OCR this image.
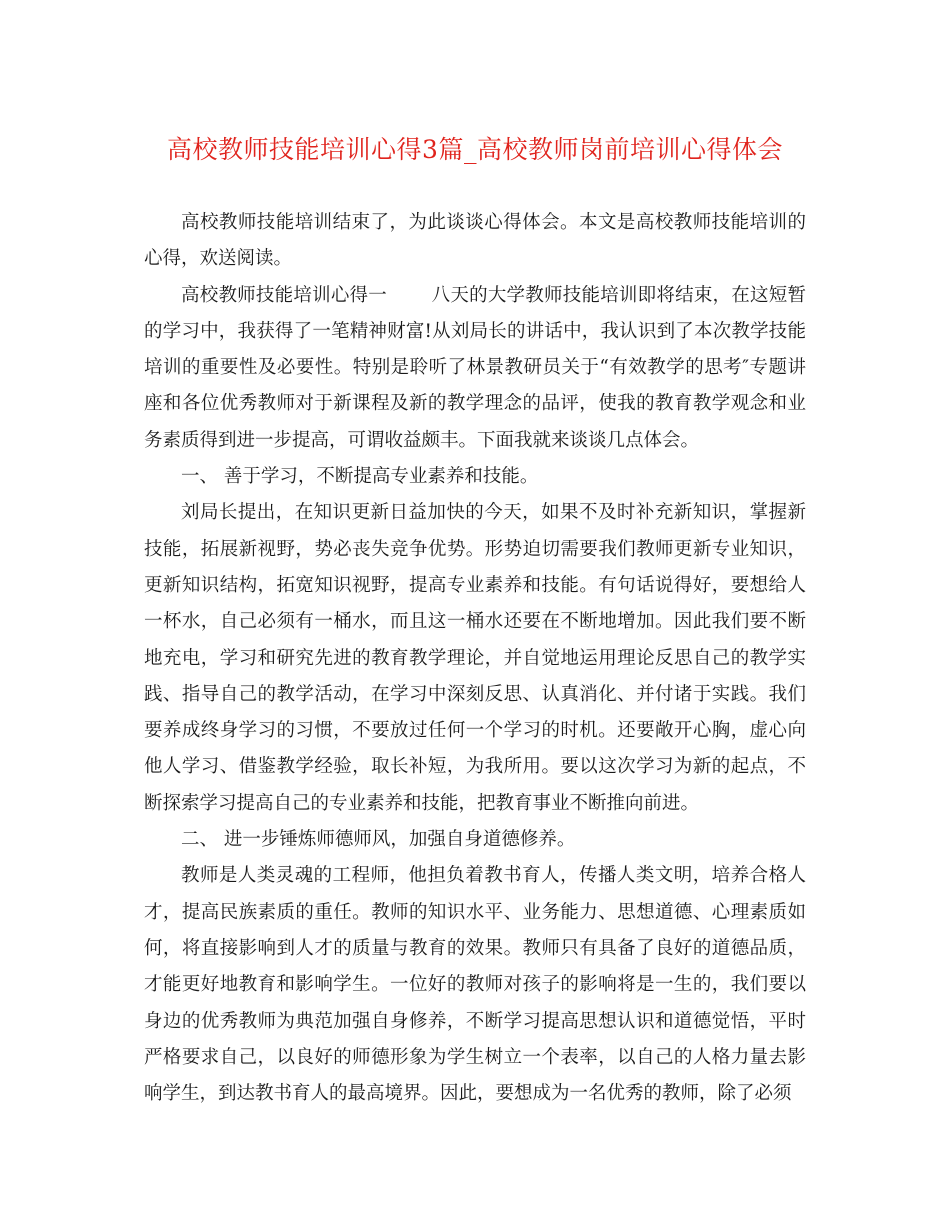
高校教师技能培训心得3篇_高校教师岗前培训心得体会

高校教师技能培训结束了，为此谈谈心得体会。本文是高校教师技能培训的心得，欢送阅读。

高校教师技能培训心得一 八天的大学教师技能培训即将结束，在这短暂的学习中，我获得了一笔精神财富!从刘局长的讲话中，我认识到了本次教学技能培训的重要性及必要性。特别是聆听了林景教研员关于“有效教学的思考″专题讲座和各位优秀教师对于新课程及新的教学理念的品评，使我的教育教学观念和业务素质得到进一步提高，可谓收益颇丰。下面我就来谈谈几点体会。

一、 善于学习，不断提高专业素养和技能。

刘局长提出，在知识更新日益加快的今天，如果不及时补充新知识，掌握新技能，拓展新视野，势必丧失竞争优势。形势迫切需要我们教师更新专业知识，更新知识结构，拓宽知识视野，提高专业素养和技能。有句话说得好，要想给人一杯水，自己必须有一桶水，而且这一桶水还要在不断地增加。因此我们要不断地充电，学习和研究先进的教育教学理论，并自觉地运用理论反思自己的教学实践、指导自己的教学活动，在学习中深刻反思、认真消化、并付诸于实践。我们要养成终身学习的习惯，不要放过任何一个学习的时机。还要敞开心胸，虚心向他人学习、借鉴教学经验，取长补短，为我所用。要以这次学习为新的起点，不断探索学习提高自己的专业素养和技能，把教育事业不断推向前进。

二、 进一步锤炼师德师风，加强自身道德修养。

教师是人类灵魂的工程师，他担负着教书育人，传播人类文明，培养合格人才，提高民族素质的重任。教师的知识水平、业务能力、思想道德、心理素质如何，将直接影响到人才的质量与教育的效果。教师只有具备了良好的道德品质，才能更好地教育和影响学生。一位好的教师对孩子的影响将是一生的，我们要以身边的优秀教师为典范加强自身修养，不断学习提高思想认识和道德觉悟，平时严格要求自己，以良好的师德形象为学生树立一个表率，以自己的人格力量去影响学生，到达教书育人的最高境界。因此，要想成为一名优秀的教师，除了必须
